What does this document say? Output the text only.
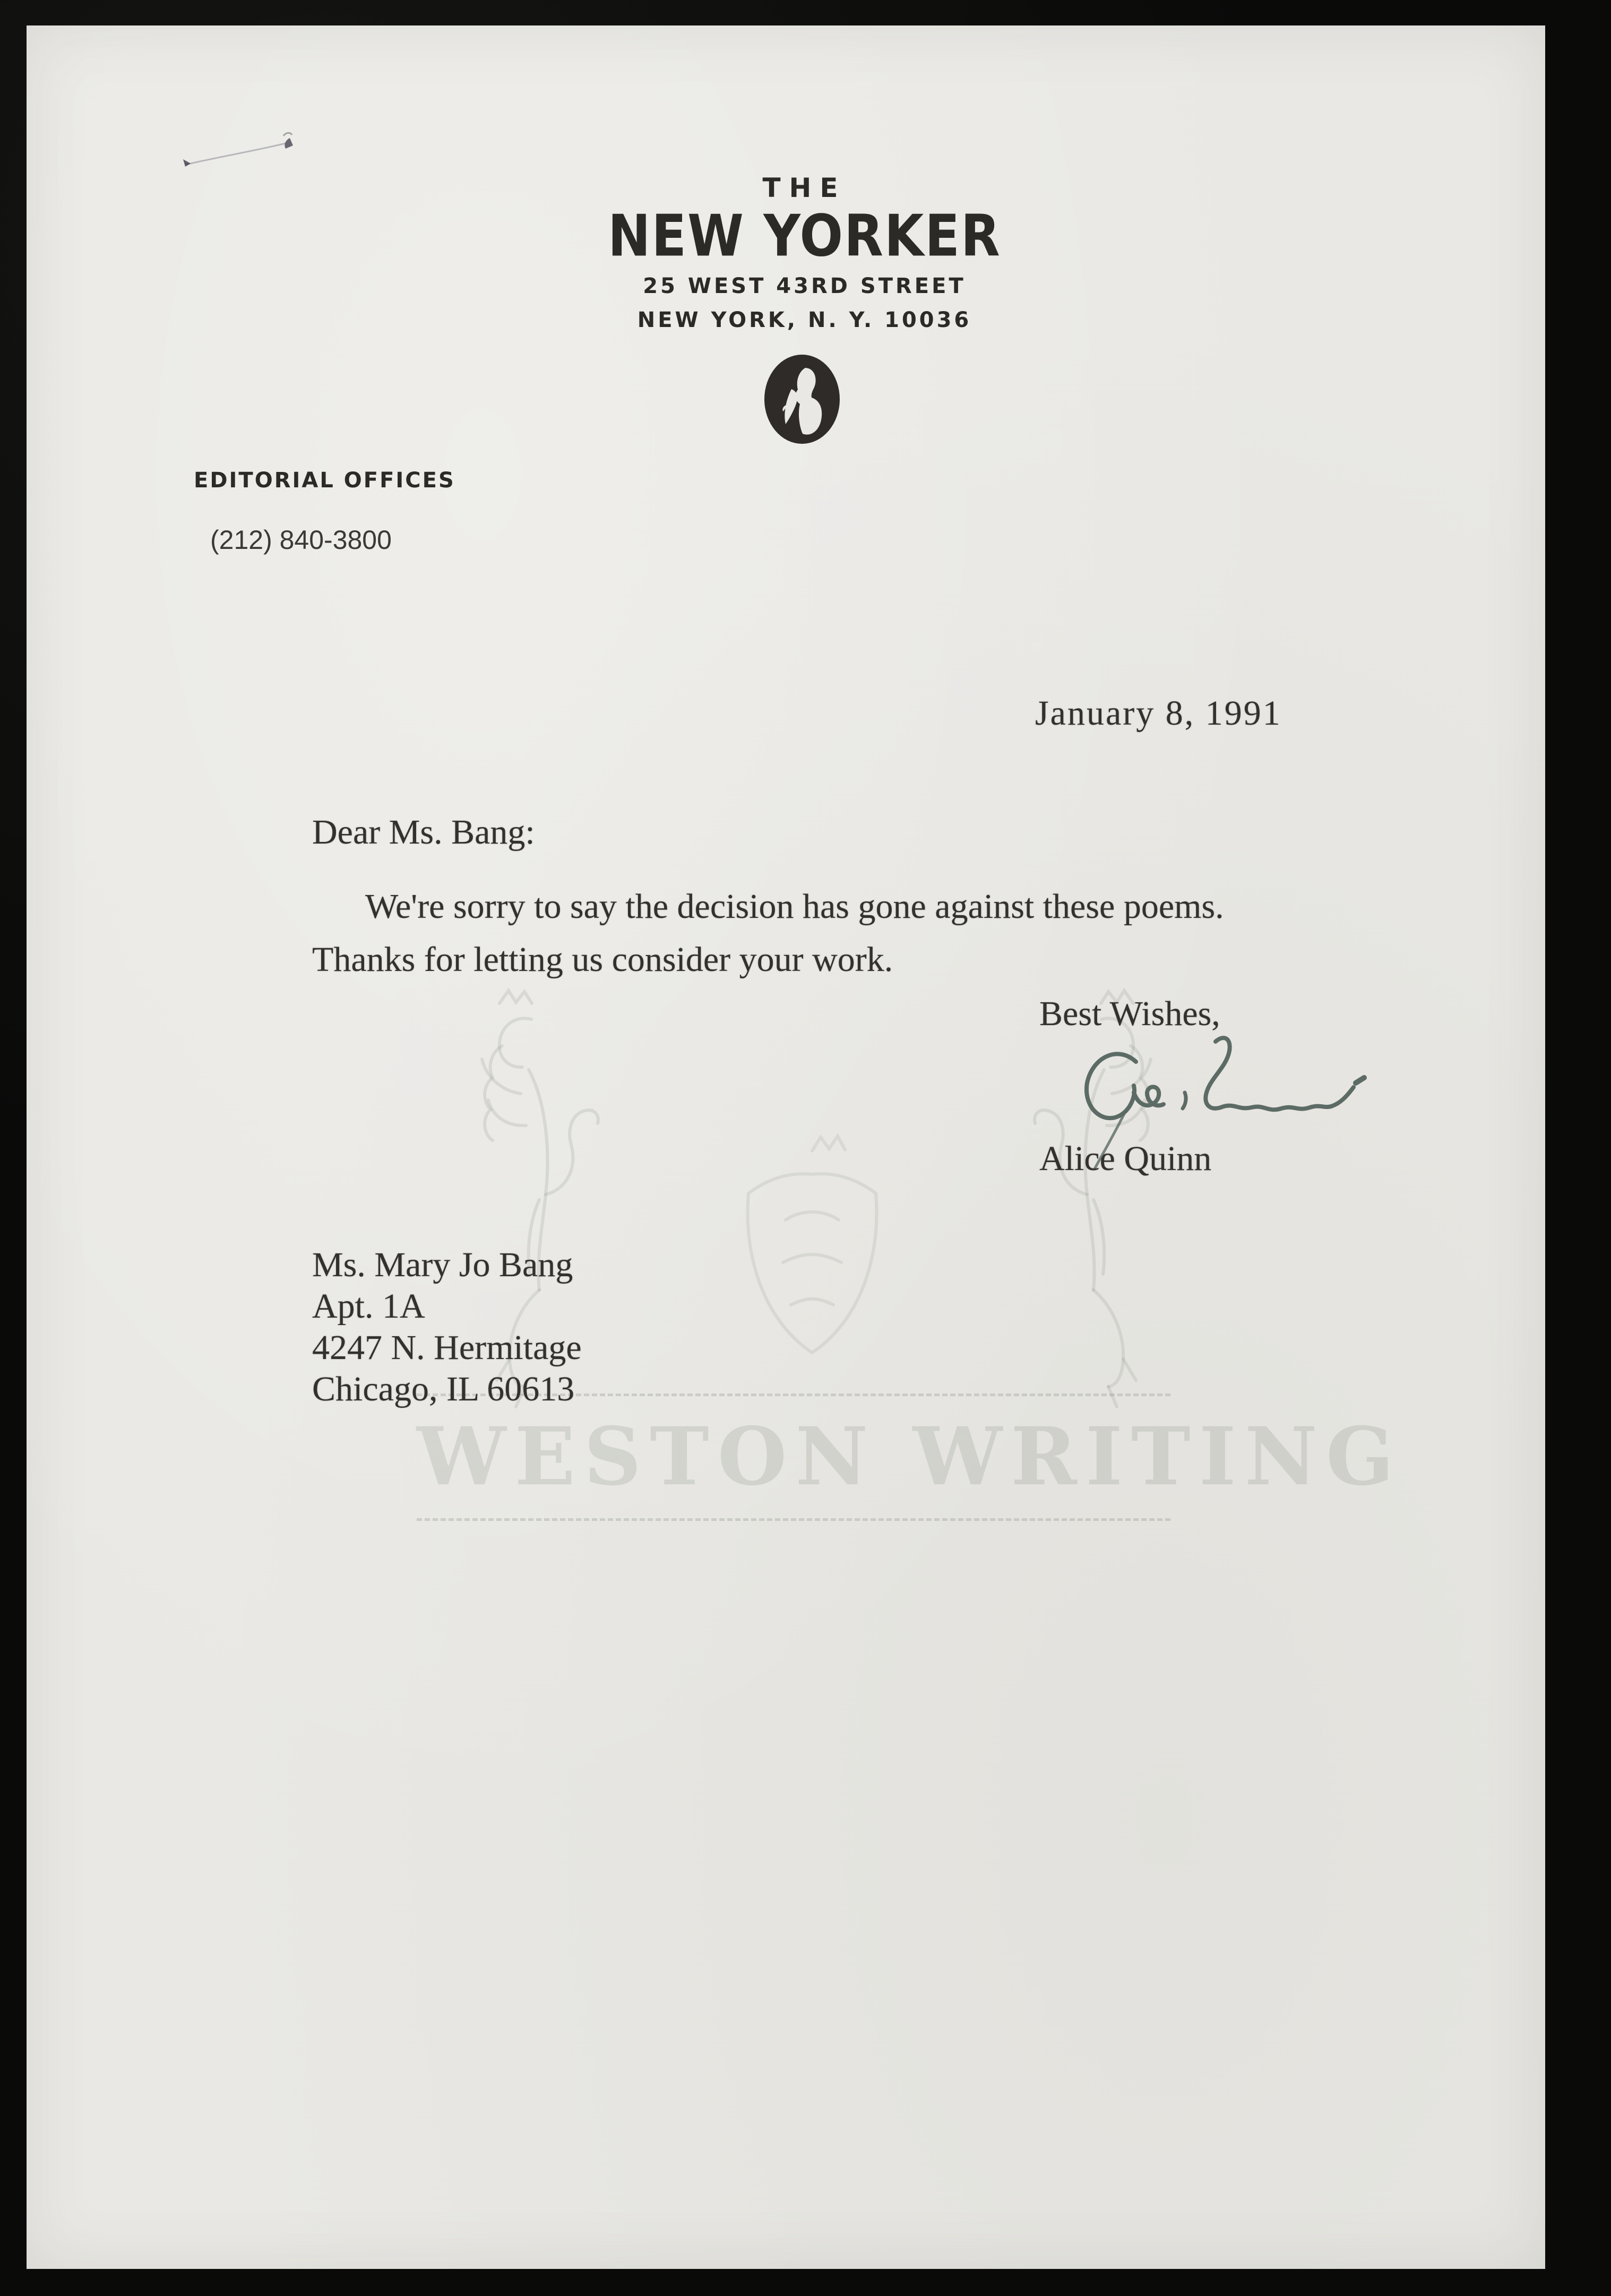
WESTON WRITING
THE
NEW YORKER
25 WEST 43RD STREET
NEW YORK, N. Y. 10036
EDITORIAL OFFICES
(212) 840-3800
January 8, 1991
Dear Ms. Bang:
We're sorry to say the decision has gone against these poems.
Thanks for letting us consider your work.
Best Wishes,
Alice Quinn
Ms. Mary Jo Bang
Apt. 1A
4247 N. Hermitage
Chicago, IL 60613
